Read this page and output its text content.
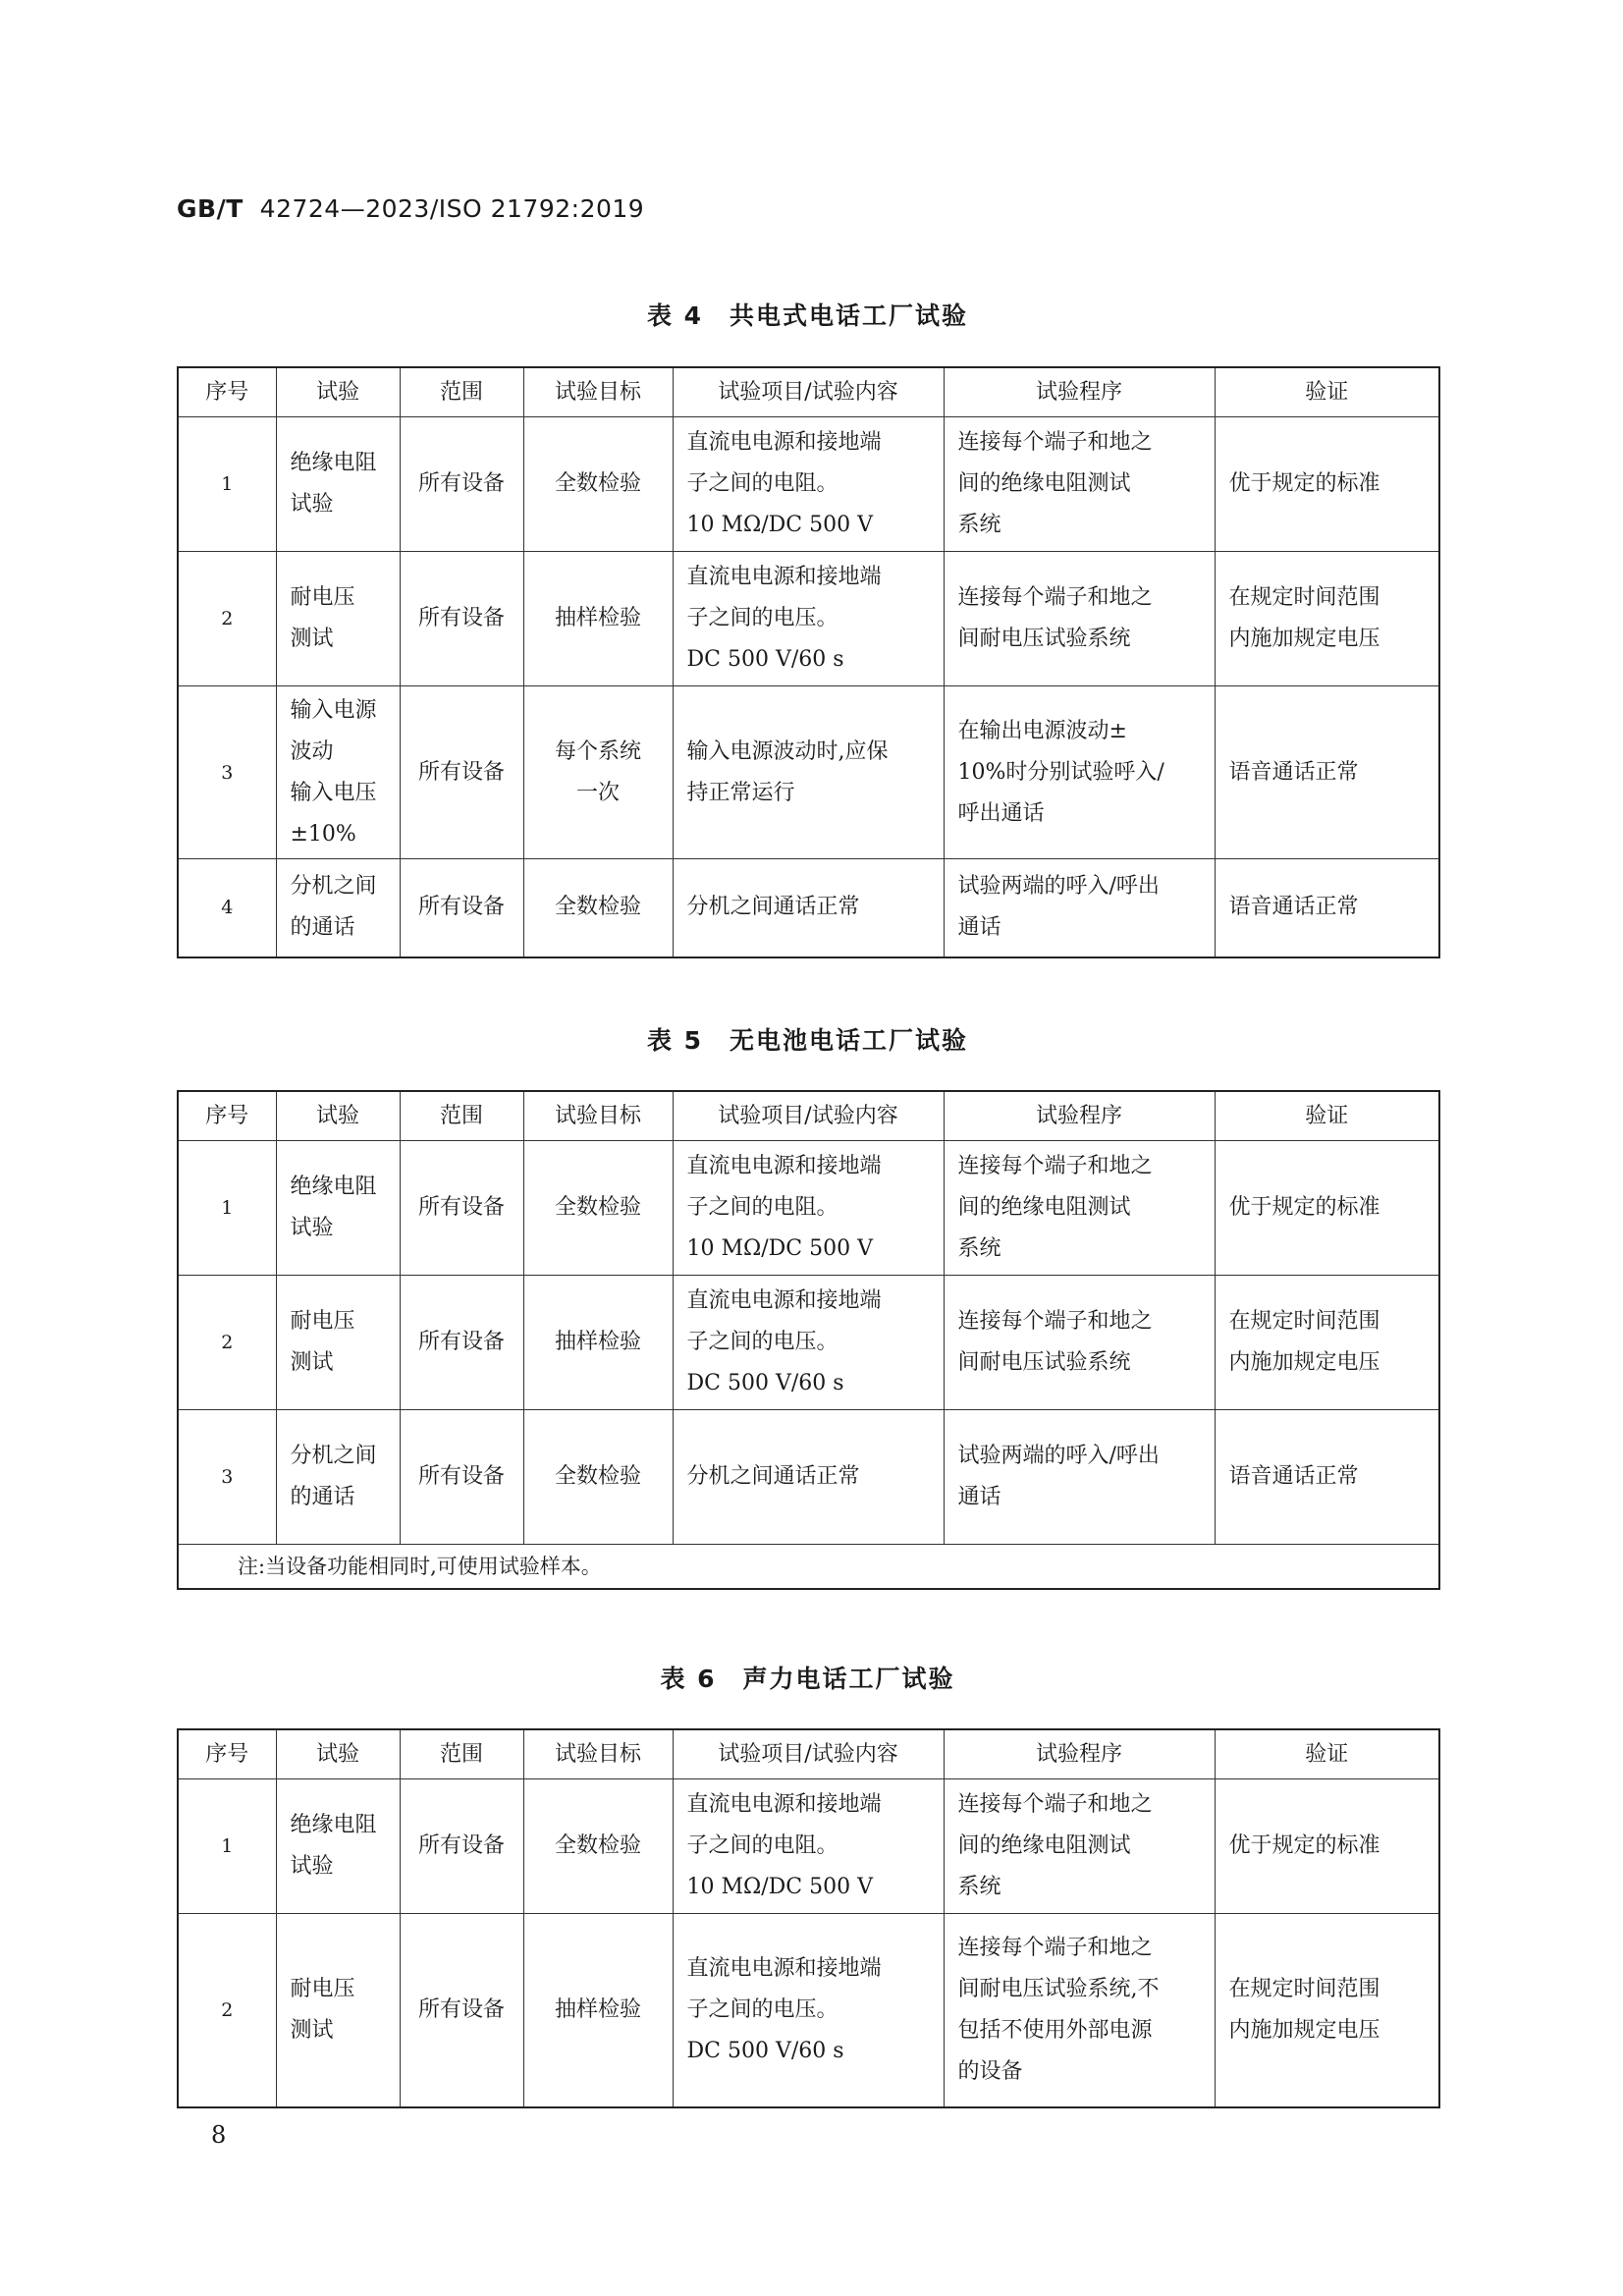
GB/T 42724—2023/ISO 21792:2019
表 4　共电式电话工厂试验
序号	试验	范围	试验目标	试验项目/试验内容	试验程序	验证

1	绝缘电阻
试验	所有设备	全数检验	直流电电源和接地端
子之间的电阻。
10 MΩ/DC 500 V	连接每个端子和地之
间的绝缘电阻测试
系统	优于规定的标准

2	耐电压
测试	所有设备	抽样检验	直流电电源和接地端
子之间的电压。
DC 500 V/60 s	连接每个端子和地之
间耐电压试验系统	在规定时间范围
内施加规定电压

3	输入电源
波动
输入电压
±10%	所有设备	每个系统
一次	输入电源波动时,应保
持正常运行	在输出电源波动±
10%时分别试验呼入/
呼出通话	语音通话正常

4	分机之间
的通话	所有设备	全数检验	分机之间通话正常	试验两端的呼入/呼出
通话	语音通话正常
表 5　无电池电话工厂试验
序号	试验	范围	试验目标	试验项目/试验内容	试验程序	验证

1	绝缘电阻
试验	所有设备	全数检验	直流电电源和接地端
子之间的电阻。
10 MΩ/DC 500 V	连接每个端子和地之
间的绝缘电阻测试
系统	优于规定的标准

2	耐电压
测试	所有设备	抽样检验	直流电电源和接地端
子之间的电压。
DC 500 V/60 s	连接每个端子和地之
间耐电压试验系统	在规定时间范围
内施加规定电压

3	分机之间
的通话	所有设备	全数检验	分机之间通话正常	试验两端的呼入/呼出
通话	语音通话正常

注:当设备功能相同时,可使用试验样本。						
表 6　声力电话工厂试验
序号	试验	范围	试验目标	试验项目/试验内容	试验程序	验证

1	绝缘电阻
试验	所有设备	全数检验	直流电电源和接地端
子之间的电阻。
10 MΩ/DC 500 V	连接每个端子和地之
间的绝缘电阻测试
系统	优于规定的标准

2	耐电压
测试	所有设备	抽样检验	直流电电源和接地端
子之间的电压。
DC 500 V/60 s	连接每个端子和地之
间耐电压试验系统,不
包括不使用外部电源
的设备	在规定时间范围
内施加规定电压
8
